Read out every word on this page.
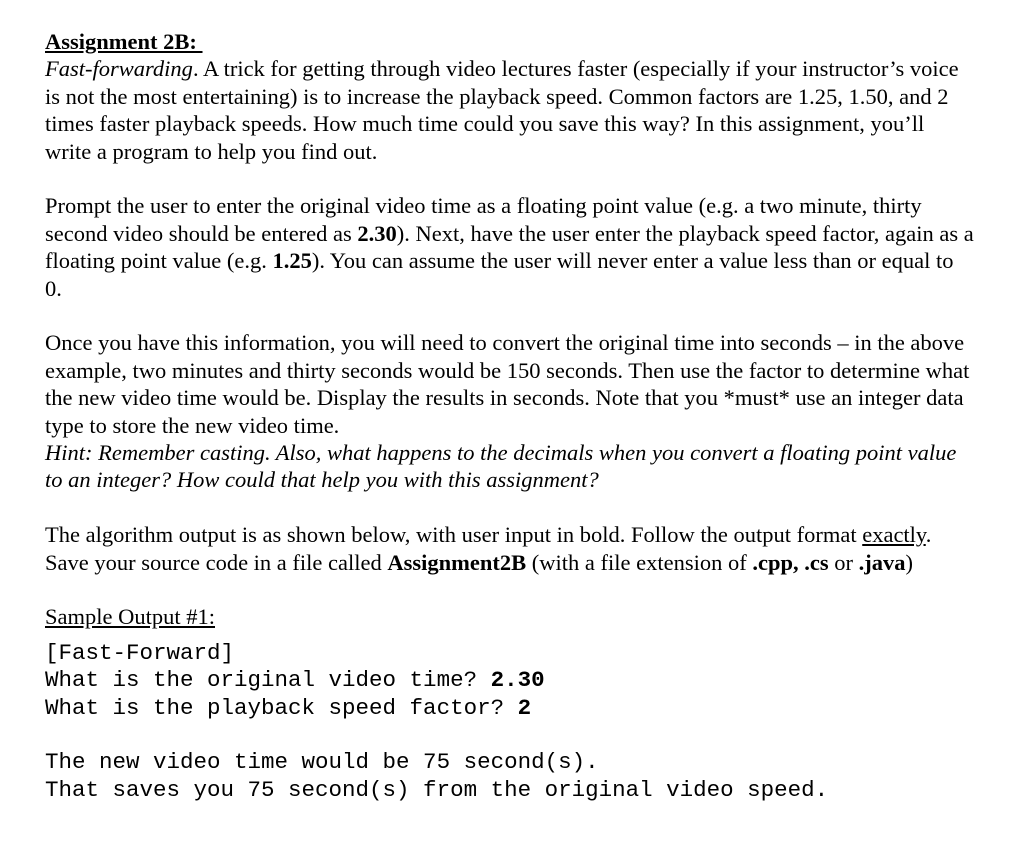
Assignment 2B:

Fast-forwarding. A trick for getting through video lectures faster (especially if your instructor’s voice is not the most entertaining) is to increase the playback speed. Common factors are 1.25, 1.50, and 2 times faster playback speeds. How much time could you save this way? In this assignment, you’ll write a program to help you find out.

Prompt the user to enter the original video time as a floating point value (e.g. a two minute, thirty second video should be entered as 2.30). Next, have the user enter the playback speed factor, again as a floating point value (e.g. 1.25). You can assume the user will never enter a value less than or equal to 0.

Once you have this information, you will need to convert the original time into seconds – in the above example, two minutes and thirty seconds would be 150 seconds. Then use the factor to determine what the new video time would be. Display the results in seconds. Note that you *must* use an integer data type to store the new video time.

Hint: Remember casting. Also, what happens to the decimals when you convert a floating point value to an integer? How could that help you with this assignment?

The algorithm output is as shown below, with user input in bold. Follow the output format exactly. Save your source code in a file called Assignment2B (with a file extension of .cpp, .cs or .java)

Sample Output #1:

[Fast-Forward]
What is the original video time? 2.30
What is the playback speed factor? 2
The new video time would be 75 second(s).
That saves you 75 second(s) from the original video speed.
